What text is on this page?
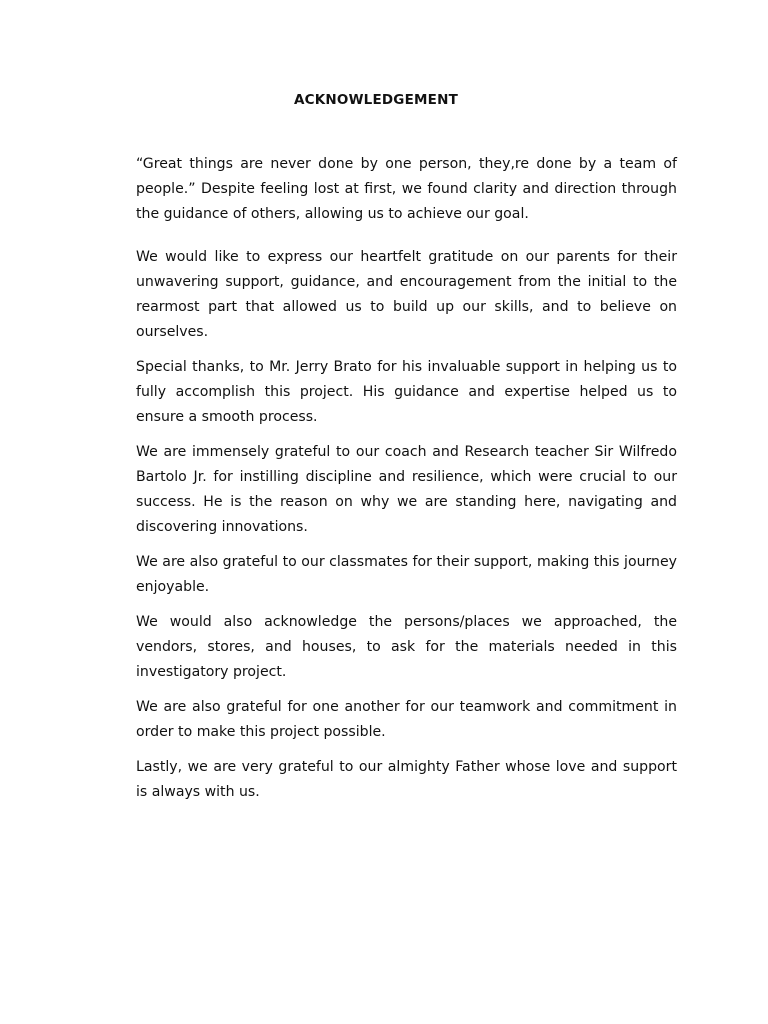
ACKNOWLEDGEMENT

“Great things are never done by one person, they,re done by a team of people.” Despite feeling lost at first, we found clarity and direction through the guidance of others, allowing us to achieve our goal.

We would like to express our heartfelt gratitude on our parents for their unwavering support, guidance, and encouragement from the initial to the rearmost part that allowed us to build up our skills, and to believe on ourselves.

Special thanks, to Mr. Jerry Brato for his invaluable support in helping us to fully accomplish this project. His guidance and expertise helped us to ensure a smooth process.

We are immensely grateful to our coach and Research teacher Sir Wilfredo Bartolo Jr. for instilling discipline and resilience, which were crucial to our success. He is the reason on why we are standing here, navigating and discovering innovations.

We are also grateful to our classmates for their support, making this journey enjoyable.

We would also acknowledge the persons/places we approached, the vendors, stores, and houses, to ask for the materials needed in this investigatory project.

We are also grateful for one another for our teamwork and commitment in order to make this project possible.

Lastly, we are very grateful to our almighty Father whose love and support is always with us.
